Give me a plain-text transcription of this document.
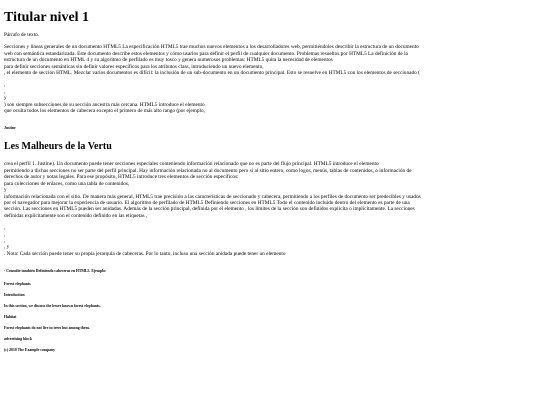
Titular nivel 1

Párrafo de texto.

Secciones y líneas generales de un documento HTML5 La especificación HTML5 trae muchos nuevos elementos a los desarrolladores web, permitiéndoles describir la estructura de un documento
web con semántica estandarizada. Este documento describe estos elementos y cómo usarlos para definir el perfil de cualquier documento. Problemas resueltos por HTML5 La definición de la
estructura de un documento en HTML 4 y su algoritmo de perfilado es muy tosco y genera numerosos problemas: HTML5 quita la necesidad de elementos
para definir secciones semánticas sin definir valores específicos para los atributos class, introduciendo un nuevo elemento,
, el elemento de sección HTML. Mezclar varios documentos es difícil: la inclusión de un sub-documento en un documento principal. Esto se resuelve en HTML5 con los elementos de seccionado (
,
,
y
) son siempre subsecciones de su sección ancestra más cercana. HTML5 introduce el elemento
que oculta todos los elementos de cabecera excepto el primero de más alto rango (por ejemplo,
Justine
Les Malheurs de la Vertu
crea el perfil 1. Justine). Un documento puede tener secciones especiales conteniendo información relacionado que no es parte del flujo principal. HTML5 introduce el elemento
permitiendo a dichas secciones no ser parte del perfil principal. Hay información relacionada no al documento pero sí al sitio entero, como logos, menús, tablas de contenidos, o información de
derechos de autor y notas legales. Para ese propósito, HTML5 introduce tres elementos de sección específicos:
para colecciones de enlaces, como una tabla de contenidos,
y
información relacionada con el sitio. De manera más general, HTML5 trae precisión a las características de seccionado y cabecera, permitiendo a los perfiles de documento ser predecibles y usados
por el navegador para mejorar la experiencia de usuario. El algoritmo de perfilado de HTML5 Definiendo secciones en HTML5 Todo el contenido incluido dentro del elemento es parte de una
sección. Las secciones en HTML5 pueden ser anidadas. Además de la sección principal, definida por el elemento , los límites de la sección son definidos explícita o implícitamente. La secciones
definidas explícitamente son el contenido definido en las etiquetas ,
,
,
,
, y
. Nota: Cada sección puede tener su propia jerarquía de cabeceras. Por lo tanto, incluso una sección anidada puede tener un elemento
- Consulte también Definiendo cabeceras en HTML5. Ejemplo:
Forest elephants
Introduction
In this section, we discuss the lesser known forest elephants.
Habitat
Forest elephants do not live in trees but among them.
advertising block
(c) 2010 The Example company
